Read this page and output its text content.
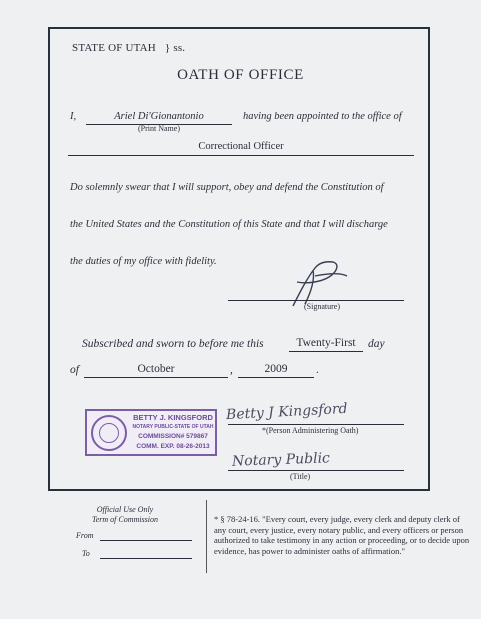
STATE OF UTAH } ss.
OATH OF OFFICE
I,	Ariel Di'Gionantonio	having been appointed to the office of
(Print Name)
Correctional Officer
Do solemnly swear that I will support, obey and defend the Constitution of
the United States and the Constitution of this State and that I will discharge
the duties of my office with fidelity.
(Signature)
Subscribed and sworn to before me this	Twenty-First	day
of	October	,	2009	.
BETTY J. KINGSFORD
NOTARY PUBLIC-STATE OF UTAH
COMMISSION# 579867
COMM. EXP. 08-26-2013
Betty J Kingsford
*(Person Administering Oath)
Notary Public
(Title)
Official Use Only
Term of Commission
From
To
* § 78-24-16. "Every court, every judge, every clerk and deputy clerk of any court, every justice, every notary public, and every officers or person authorized to take testimony in any action or proceeding, or to decide upon evidence, has power to administer oaths of affirmation."
